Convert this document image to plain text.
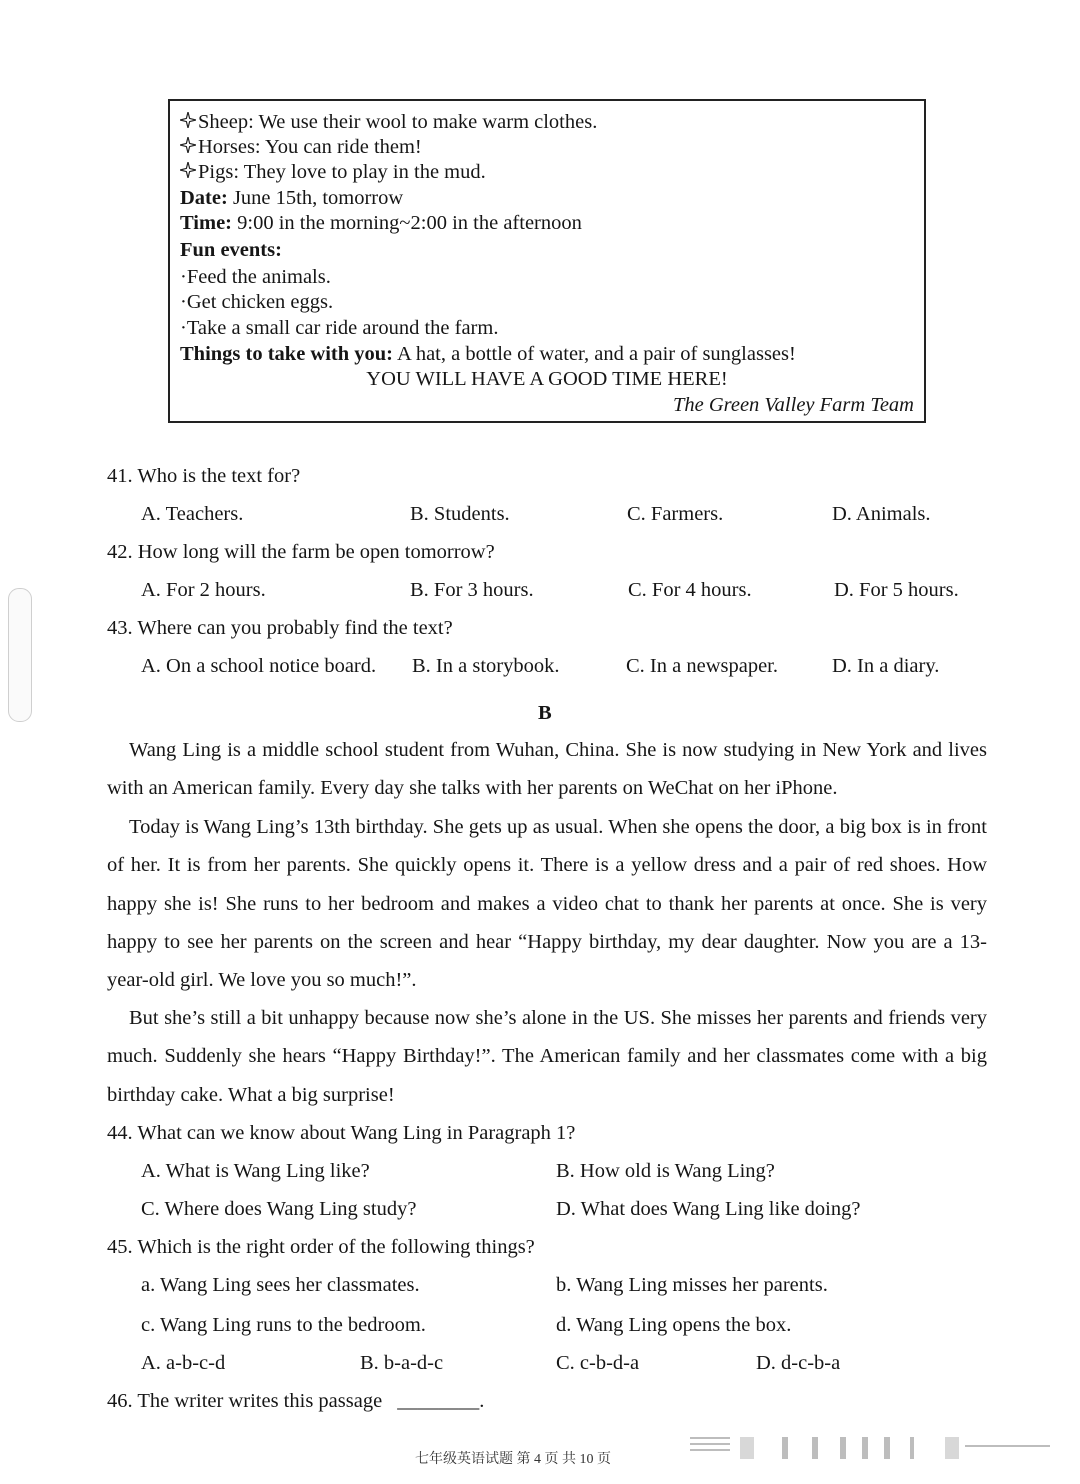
Sheep: We use their wool to make warm clothes.
Horses: You can ride them!
Pigs: They love to play in the mud.
Date: June 15th, tomorrow
Time: 9:00 in the morning~2:00 in the afternoon
Fun events:
·Feed the animals.
·Get chicken eggs.
·Take a small car ride around the farm.
Things to take with you: A hat, a bottle of water, and a pair of sunglasses!
YOU WILL HAVE A GOOD TIME HERE!
The Green Valley Farm Team
41. Who is the text for?
A. Teachers.	B. Students.	C. Farmers.	D. Animals.
42. How long will the farm be open tomorrow?
A. For 2 hours.	B. For 3 hours.	C. For 4 hours.	D. For 5 hours.
43. Where can you probably find the text?
A. On a school notice board. B. In a storybook.	C. In a newspaper.	D. In a diary.
B
Wang Ling is a middle school student from Wuhan, China. She is now studying in New York and lives with an American family. Every day she talks with her parents on WeChat on her iPhone.
Today is Wang Ling’s 13th birthday. She gets up as usual. When she opens the door, a big box is in front of her. It is from her parents. She quickly opens it. There is a yellow dress and a pair of red shoes. How happy she is! She runs to her bedroom and makes a video chat to thank her parents at once. She is very happy to see her parents on the screen and hear “Happy birthday, my dear daughter. Now you are a 13-year-old girl. We love you so much!”.
But she’s still a bit unhappy because now she’s alone in the US. She misses her parents and friends very much. Suddenly she hears “Happy Birthday!”. The American family and her classmates come with a big birthday cake. What a big surprise!
44. What can we know about Wang Ling in Paragraph 1?
A. What is Wang Ling like?	B. How old is Wang Ling?
C. Where does Wang Ling study?	D. What does Wang Ling like doing?
45. Which is the right order of the following things?
a. Wang Ling sees her classmates.	b. Wang Ling misses her parents.
c. Wang Ling runs to the bedroom.	d. Wang Ling opens the box.
A. a-b-c-d	B. b-a-d-c	C. c-b-d-a	D. d-c-b-a
46. The writer writes this passage ________.
七年级英语试题 第 4 页 共 10 页
